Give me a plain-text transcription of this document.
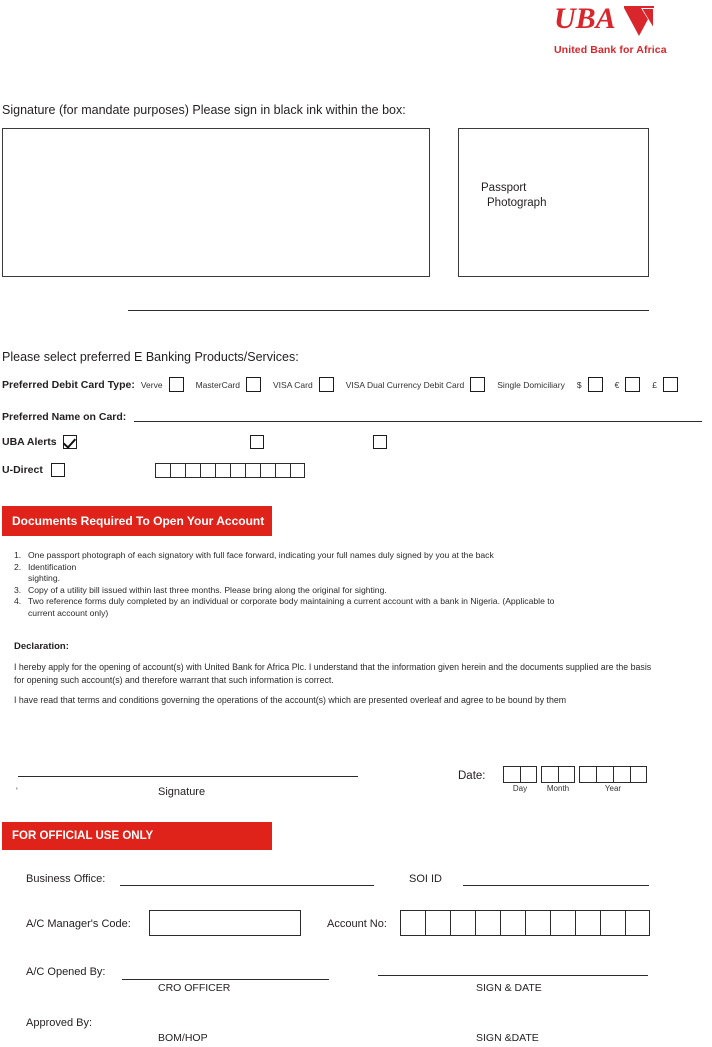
UBA
United Bank for Africa
Signature (for mandate purposes) Please sign in black ink within the box:
Passport
Photograph
Please select preferred E Banking Products/Services:
Preferred Debit Card Type: Verve	MasterCard	VISA Card	VISA Dual Currency Debit Card	Single Domiciliary $	€	£
Preferred Name on Card:
UBA Alerts
U-Direct
Documents Required To Open Your Account
1. One passport photograph of each signatory with full face forward, indicating your full names duly signed by you at the back
2. Identification
sighting.
3. Copy of a utility bill issued within last three months. Please bring along the original for sighting.
4. Two reference forms duly completed by an individual or corporate body maintaining a current account with a bank in Nigeria. (Applicable to
current account only)
Declaration:
I hereby apply for the opening of account(s) with United Bank for Africa Plc. I understand that the information given herein and the documents supplied are the basis for opening such account(s) and therefore warrant that such information is correct.
I have read that terms and conditions governing the operations of the account(s) which are presented overleaf and agree to be bound by them
'	Signature
Date:
Day	Month	Year
FOR OFFICIAL USE ONLY
Business Office:	SOI ID
A/C Manager's Code:	Account No:
A/C Opened By:
CRO OFFICER	SIGN & DATE
Approved By:
BOM/HOP	SIGN &DATE
